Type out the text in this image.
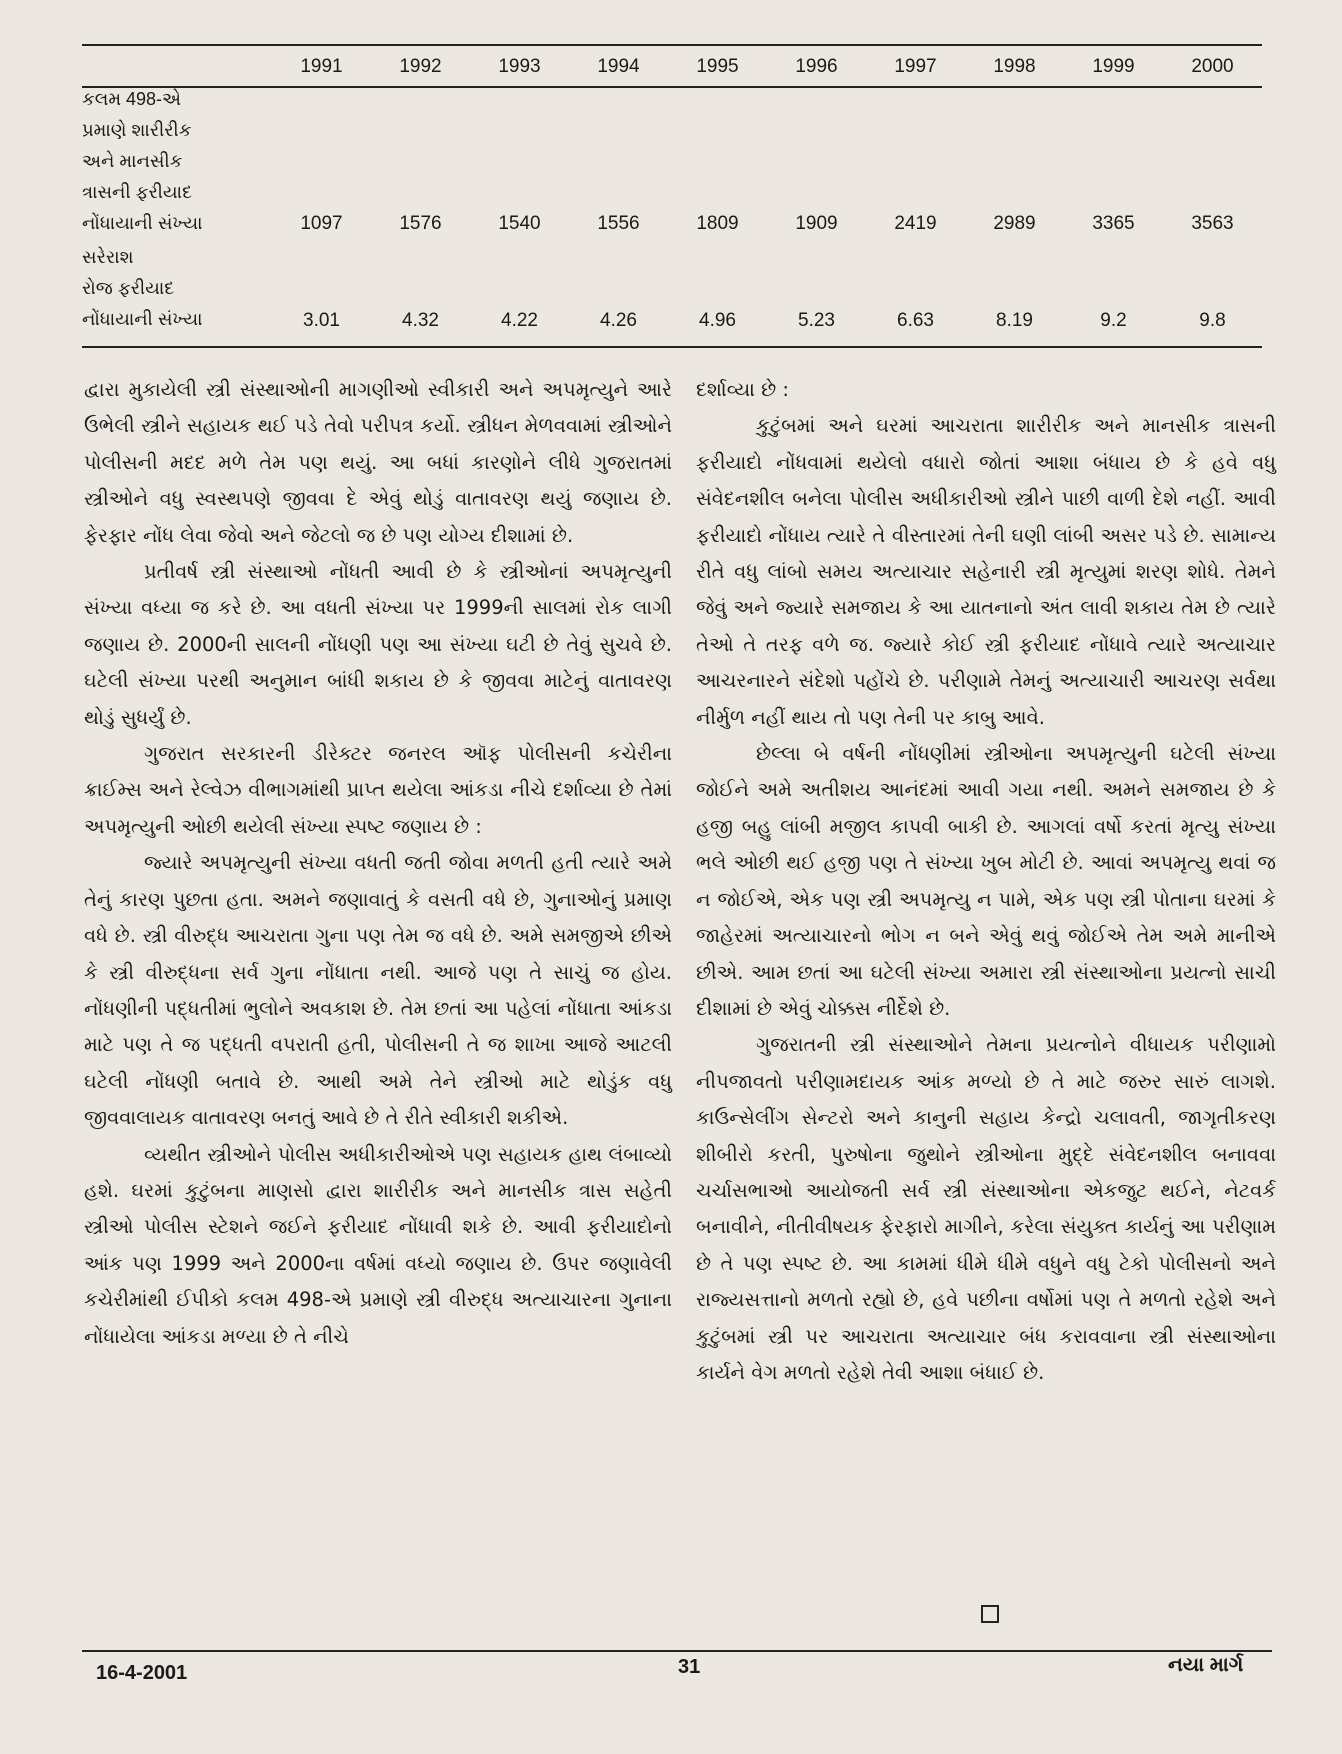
	1991	1992	1993	1994	1995	1996	1997	1998	1999	2000

કલમ 498-એ
પ્રમાણે શારીરીક
અને માનસીક
ત્રાસની ફરીયાદ
નોંધાયાની સંખ્યા	1097	1576	1540	1556	1809	1909	2419	2989	3365	3563

સરેરાશ
રોજ ફરીયાદ
નોંધાયાની સંખ્યા	3.01	4.32	4.22	4.26	4.96	5.23	6.63	8.19	9.2	9.8

દ્વારા મુકાયેલી સ્ત્રી સંસ્થાઓની માગણીઓ સ્વીકારી અને અપમૃત્યુને આરે ઉભેલી સ્ત્રીને સહાયક થઈ પડે તેવો પરીપત્ર કર્યો. સ્ત્રીધન મેળવવામાં સ્ત્રીઓને પોલીસની મદદ મળે તેમ પણ થયું. આ બધાં કારણોને લીધે ગુજરાતમાં સ્ત્રીઓને વધુ સ્વસ્થપણે જીવવા દે એવું થોડું વાતાવરણ થયું જણાય છે. ફેરફાર નોંધ લેવા જેવો અને જેટલો જ છે પણ યોગ્ય દીશામાં છે.

પ્રતીવર્ષ સ્ત્રી સંસ્થાઓ નોંધતી આવી છે કે સ્ત્રીઓનાં અપમૃત્યુની સંખ્યા વધ્યા જ કરે છે. આ વધતી સંખ્યા પર 1999ની સાલમાં રોક લાગી જણાય છે. 2000ની સાલની નોંધણી પણ આ સંખ્યા ઘટી છે તેવું સુચવે છે. ઘટેલી સંખ્યા પરથી અનુમાન બાંધી શકાય છે કે જીવવા માટેનું વાતાવરણ થોડું સુધર્યું છે.

ગુજરાત સરકારની ડીરેક્ટર જનરલ ઑફ પોલીસની કચેરીના ક્રાઈમ્સ અને રેલ્વેઝ વીભાગમાંથી પ્રાપ્ત થયેલા આંકડા નીચે દર્શાવ્યા છે તેમાં અપમૃત્યુની ઓછી થયેલી સંખ્યા સ્પષ્ટ જણાય છે :

જ્યારે અપમૃત્યુની સંખ્યા વધતી જતી જોવા મળતી હતી ત્યારે અમે તેનું કારણ પુછતા હતા. અમને જણાવાતું કે વસતી વધે છે, ગુનાઓનું પ્રમાણ વધે છે. સ્ત્રી વીરુદ્ધ આચરાતા ગુના પણ તેમ જ વધે છે. અમે સમજીએ છીએ કે સ્ત્રી વીરુદ્ધના સર્વ ગુના નોંધાતા નથી. આજે પણ તે સાચું જ હોય. નોંધણીની પદ્ધતીમાં ભુલોને અવકાશ છે. તેમ છતાં આ પહેલાં નોંધાતા આંકડા માટે પણ તે જ પદ્ધતી વપરાતી હતી, પોલીસની તે જ શાખા આજે આટલી ઘટેલી નોંધણી બતાવે છે. આથી અમે તેને સ્ત્રીઓ માટે થોડુંક વધુ જીવવાલાયક વાતાવરણ બનતું આવે છે તે રીતે સ્વીકારી શકીએ.

વ્યથીત સ્ત્રીઓને પોલીસ અધીકારીઓએ પણ સહાયક હાથ લંબાવ્યો હશે. ઘરમાં કુટુંબના માણસો દ્વારા શારીરીક અને માનસીક ત્રાસ સહેતી સ્ત્રીઓ પોલીસ સ્ટેશને જઈને ફરીયાદ નોંધાવી શકે છે. આવી ફરીયાદોનો આંક પણ 1999 અને 2000ના વર્ષમાં વધ્યો જણાય છે. ઉપર જણાવેલી કચેરીમાંથી ઈપીકો કલમ 498-એ પ્રમાણે સ્ત્રી વીરુદ્ધ અત્યાચારના ગુનાના નોંધાયેલા આંકડા મળ્યા છે તે નીચે

દર્શાવ્યા છે :

કુટુંબમાં અને ઘરમાં આચરાતા શારીરીક અને માનસીક ત્રાસની ફરીયાદો નોંધવામાં થયેલો વધારો જોતાં આશા બંધાય છે કે હવે વધુ સંવેદનશીલ બનેલા પોલીસ અધીકારીઓ સ્ત્રીને પાછી વાળી દેશે નહીં. આવી ફરીયાદો નોંધાય ત્યારે તે વીસ્તારમાં તેની ઘણી લાંબી અસર પડે છે. સામાન્ય રીતે વધુ લાંબો સમય અત્યાચાર સહેનારી સ્ત્રી મૃત્યુમાં શરણ શોધે. તેમને જેવું અને જ્યારે સમજાય કે આ યાતનાનો અંત લાવી શકાય તેમ છે ત્યારે તેઓ તે તરફ વળે જ. જ્યારે કોઈ સ્ત્રી ફરીયાદ નોંધાવે ત્યારે અત્યાચાર આચરનારને સંદેશો પહોંચે છે. પરીણામે તેમનું અત્યાચારી આચરણ સર્વથા નીર્મુળ નહીં થાય તો પણ તેની પર કાબુ આવે.

છેલ્લા બે વર્ષની નોંધણીમાં સ્ત્રીઓના અપમૃત્યુની ઘટેલી સંખ્યા જોઈને અમે અતીશય આનંદમાં આવી ગયા નથી. અમને સમજાય છે કે હજી બહુ લાંબી મજીલ કાપવી બાકી છે. આગલાં વર્ષો કરતાં મૃત્યુ સંખ્યા ભલે ઓછી થઈ હજી પણ તે સંખ્યા ખુબ મોટી છે. આવાં અપમૃત્યુ થવાં જ ન જોઈએ, એક પણ સ્ત્રી અપમૃત્યુ ન પામે, એક પણ સ્ત્રી પોતાના ઘરમાં કે જાહેરમાં અત્યાચારનો ભોગ ન બને એવું થવું જોઈએ તેમ અમે માનીએ છીએ. આમ છતાં આ ઘટેલી સંખ્યા અમારા સ્ત્રી સંસ્થાઓના પ્રયત્નો સાચી દીશામાં છે એવું ચોક્કસ નીર્દેશે છે.

ગુજરાતની સ્ત્રી સંસ્થાઓને તેમના પ્રયત્નોને વીધાયક પરીણામો નીપજાવતો પરીણામદાયક આંક મળ્યો છે તે માટે જરુર સારું લાગશે. કાઉન્સેલીંગ સેન્ટરો અને કાનુની સહાય કેન્દ્રો ચલાવતી, જાગૃતીકરણ શીબીરો કરતી, પુરુષોના જુથોને સ્ત્રીઓના મુદ્દે સંવેદનશીલ બનાવવા ચર્ચાસભાઓ આયોજતી સર્વ સ્ત્રી સંસ્થાઓના એકજુટ થઈને, નેટવર્ક બનાવીને, નીતીવીષયક ફેરફારો માગીને, કરેલા સંયુક્ત કાર્યનું આ પરીણામ છે તે પણ સ્પષ્ટ છે. આ કામમાં ધીમે ધીમે વધુને વધુ ટેકો પોલીસનો અને રાજ્યસત્તાનો મળતો રહ્યો છે, હવે પછીના વર્ષોમાં પણ તે મળતો રહેશે અને કુટુંબમાં સ્ત્રી પર આચરાતા અત્યાચાર બંધ કરાવવાના સ્ત્રી સંસ્થાઓના કાર્યને વેગ મળતો રહેશે તેવી આશા બંધાઈ છે.

16-4-2001	31	નયા માર્ગ
